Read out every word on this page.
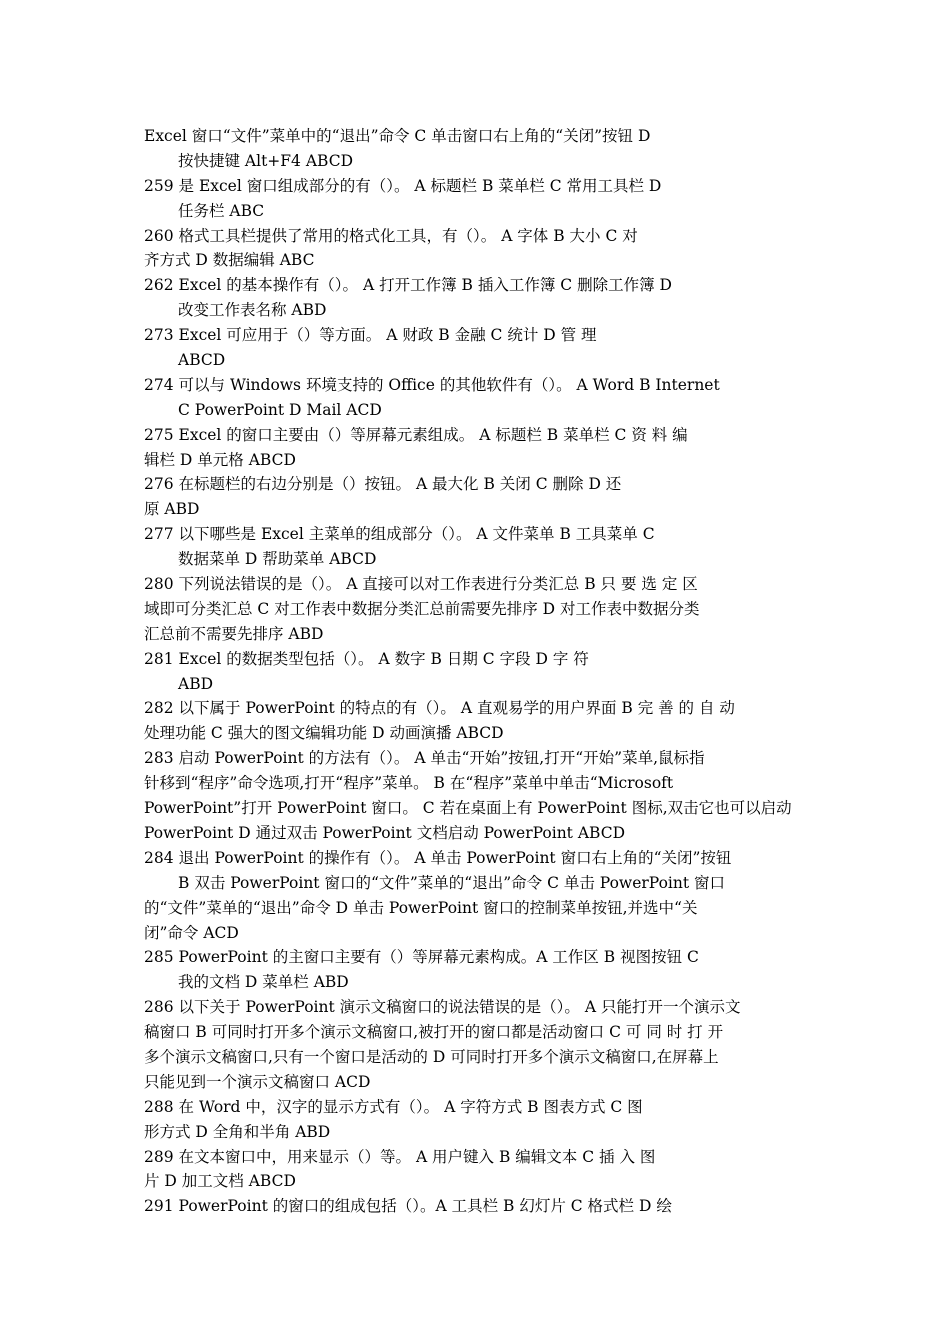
Excel 窗口“文件”菜单中的“退出”命令 C 单击窗口右上角的“关闭”按钮 D
按快捷键 Alt+F4 ABCD
259 是 Excel 窗口组成部分的有（）。 A 标题栏 B 菜单栏 C 常用工具栏 D
任务栏 ABC
260 格式工具栏提供了常用的格式化工具，有（）。 A 字体 B 大小 C 对
齐方式 D 数据编辑 ABC
262 Excel 的基本操作有（）。 A 打开工作簿 B 插入工作簿 C 删除工作簿 D
改变工作表名称 ABD
273 Excel 可应用于（）等方面。 A 财政 B 金融 C 统计 D 管 理
ABCD
274 可以与 Windows 环境支持的 Office 的其他软件有（）。 A Word B Internet
C PowerPoint D Mail ACD
275 Excel 的窗口主要由（）等屏幕元素组成。 A 标题栏 B 菜单栏 C 资 料 编
辑栏 D 单元格 ABCD
276 在标题栏的右边分别是（）按钮。 A 最大化 B 关闭 C 删除 D 还
原 ABD
277 以下哪些是 Excel 主菜单的组成部分（）。 A 文件菜单 B 工具菜单 C
数据菜单 D 帮助菜单 ABCD
280 下列说法错误的是（）。 A 直接可以对工作表进行分类汇总 B 只 要 选 定 区
域即可分类汇总 C 对工作表中数据分类汇总前需要先排序 D 对工作表中数据分类
汇总前不需要先排序 ABD
281 Excel 的数据类型包括（）。 A 数字 B 日期 C 字段 D 字 符
ABD
282 以下属于 PowerPoint 的特点的有（）。 A 直观易学的用户界面 B 完 善 的 自 动
处理功能 C 强大的图文编辑功能 D 动画演播 ABCD
283 启动 PowerPoint 的方法有（）。 A 单击“开始”按钮,打开“开始”菜单,鼠标指
针移到“程序”命令选项,打开“程序”菜单。 B 在“程序”菜单中单击“Microsoft
PowerPoint”打开 PowerPoint 窗口。 C 若在桌面上有 PowerPoint 图标,双击它也可以启动
PowerPoint D 通过双击 PowerPoint 文档启动 PowerPoint ABCD
284 退出 PowerPoint 的操作有（）。 A 单击 PowerPoint 窗口右上角的“关闭”按钮
B 双击 PowerPoint 窗口的“文件”菜单的“退出”命令 C 单击 PowerPoint 窗口
的“文件”菜单的“退出”命令 D 单击 PowerPoint 窗口的控制菜单按钮,并选中“关
闭”命令 ACD
285 PowerPoint 的主窗口主要有（）等屏幕元素构成。A 工作区 B 视图按钮 C
我的文档 D 菜单栏 ABD
286 以下关于 PowerPoint 演示文稿窗口的说法错误的是（）。 A 只能打开一个演示文
稿窗口 B 可同时打开多个演示文稿窗口,被打开的窗口都是活动窗口 C 可 同 时 打 开
多个演示文稿窗口,只有一个窗口是活动的 D 可同时打开多个演示文稿窗口,在屏幕上
只能见到一个演示文稿窗口 ACD
288 在 Word 中，汉字的显示方式有（）。 A 字符方式 B 图表方式 C 图
形方式 D 全角和半角 ABD
289 在文本窗口中，用来显示（）等。 A 用户键入 B 编辑文本 C 插 入 图
片 D 加工文档 ABCD
291 PowerPoint 的窗口的组成包括（）。A 工具栏 B 幻灯片 C 格式栏 D 绘
